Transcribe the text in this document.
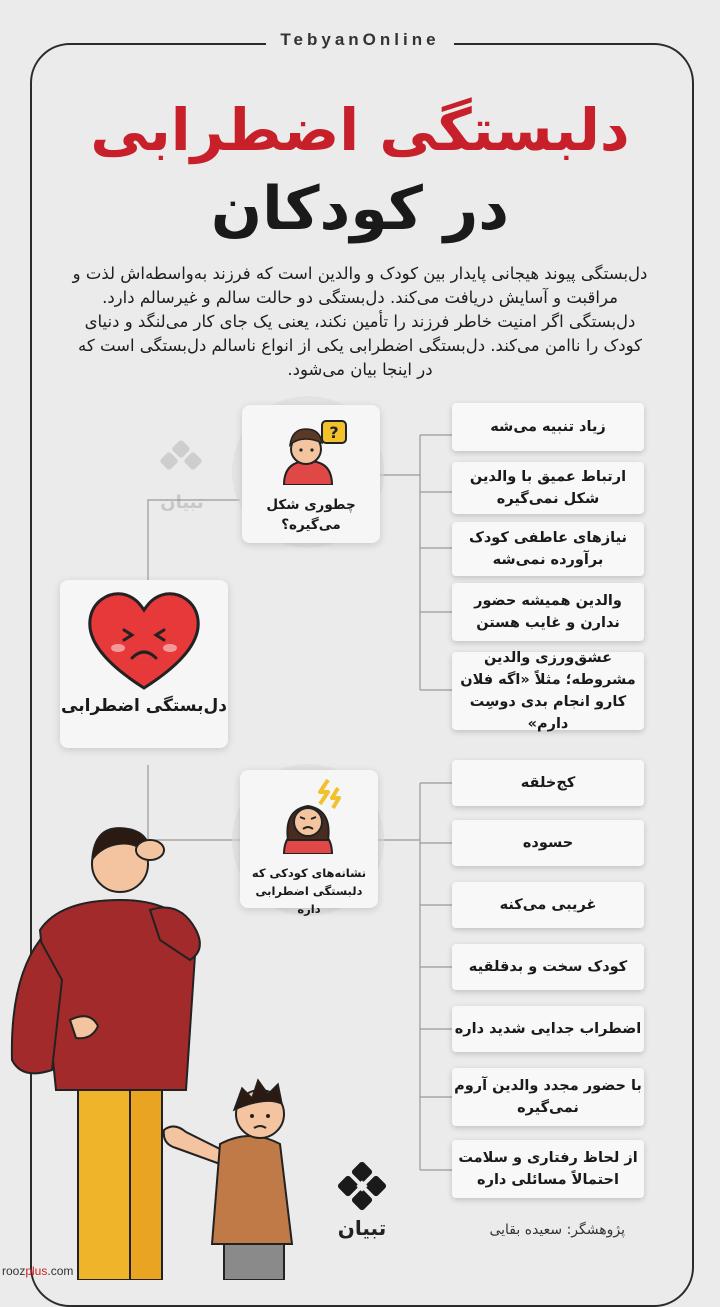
TebyanOnline
دلبستگی اضطرابی
در کودکان
دل‌بستگی پیوند هیجانی پایدار بین کودک و والدین است که فرزند به‌واسطه‌اش لذت و مراقبت و آسایش دریافت می‌کند. دل‌بستگی دو حالت سالم و غیرسالم دارد. دل‌بستگی اگر امنیت خاطر فرزند را تأمین نکند، یعنی یک جای کار می‌لنگد و دنیای کودک را ناامن می‌کند. دل‌بستگی اضطرابی یکی از انواع ناسالم دل‌بستگی است که در اینجا بیان می‌شود.
تبیان
دل‌بستگی اضطرابی
?
چطوری شکل می‌گیره؟
نشانه‌های کودکی که دلبستگی اضطرابی داره
زیاد تنبیه می‌شه
ارتباط عمیق با والدین شکل نمی‌گیره
نیازهای عاطفی کودک برآورده نمی‌شه
والدین همیشه حضور ندارن و غایب هستن
عشق‌ورزی والدین مشروطه؛ مثلاً «اگه فلان کارو انجام بدی دوسِت دارم»
کج‌خلقه
حسوده
غریبی می‌کنه
کودک سخت و بدقلقیه
اضطراب جدایی شدید داره
با حضور مجدد والدین آروم نمی‌گیره
از لحاظ رفتاری و سلامت احتمالاً مسائلی داره
تبیان	پژوهشگر: سعیده بقایی
roozplus.com
